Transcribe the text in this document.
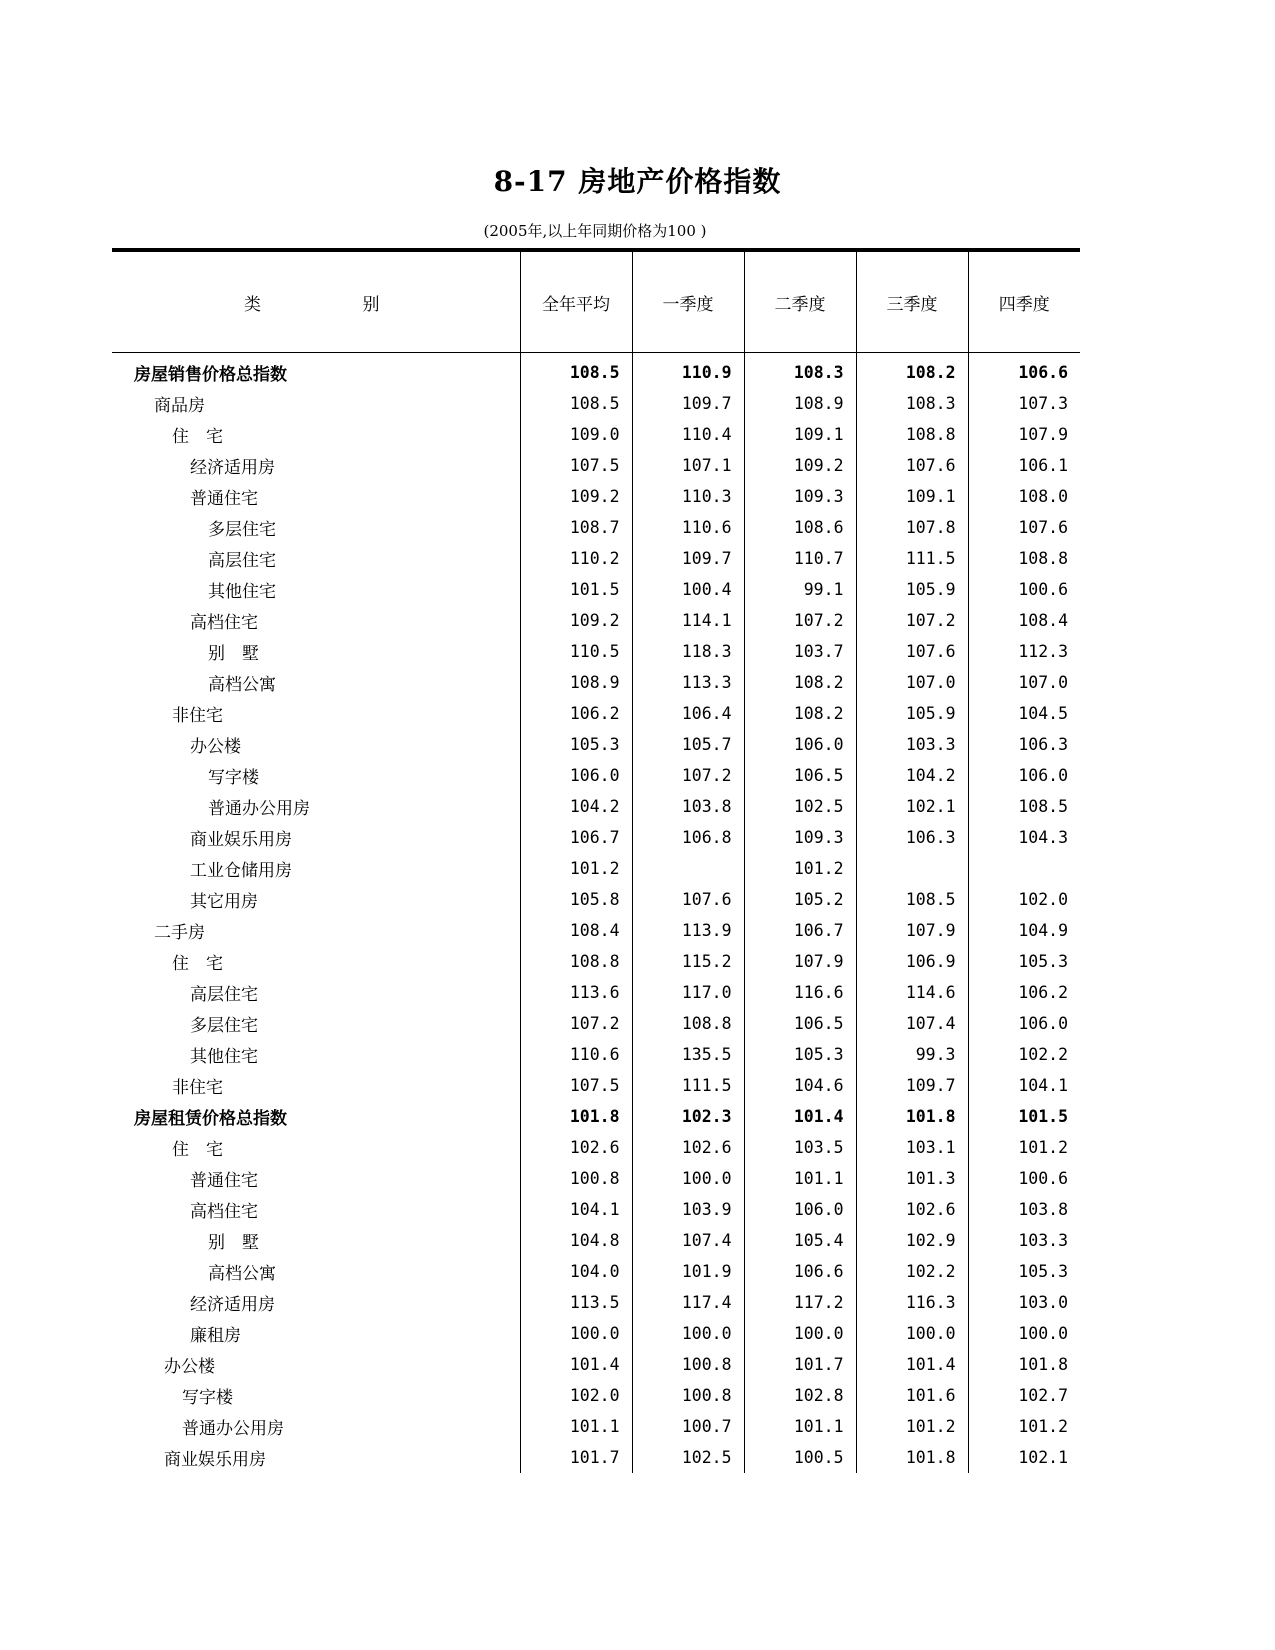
8-17 房地产价格指数
(2005年,以上年同期价格为100 )
类 别	全年平均	一季度	二季度	三季度	四季度
房屋销售价格总指数	108.5	110.9	108.3	108.2	106.6
商品房	108.5	109.7	108.9	108.3	107.3
住　宅	109.0	110.4	109.1	108.8	107.9
经济适用房	107.5	107.1	109.2	107.6	106.1
普通住宅	109.2	110.3	109.3	109.1	108.0
多层住宅	108.7	110.6	108.6	107.8	107.6
高层住宅	110.2	109.7	110.7	111.5	108.8
其他住宅	101.5	100.4	99.1	105.9	100.6
高档住宅	109.2	114.1	107.2	107.2	108.4
别　墅	110.5	118.3	103.7	107.6	112.3
高档公寓	108.9	113.3	108.2	107.0	107.0
非住宅	106.2	106.4	108.2	105.9	104.5
办公楼	105.3	105.7	106.0	103.3	106.3
写字楼	106.0	107.2	106.5	104.2	106.0
普通办公用房	104.2	103.8	102.5	102.1	108.5
商业娱乐用房	106.7	106.8	109.3	106.3	104.3
工业仓储用房	101.2		101.2		
其它用房	105.8	107.6	105.2	108.5	102.0
二手房	108.4	113.9	106.7	107.9	104.9
住　宅	108.8	115.2	107.9	106.9	105.3
高层住宅	113.6	117.0	116.6	114.6	106.2
多层住宅	107.2	108.8	106.5	107.4	106.0
其他住宅	110.6	135.5	105.3	99.3	102.2
非住宅	107.5	111.5	104.6	109.7	104.1
房屋租赁价格总指数	101.8	102.3	101.4	101.8	101.5
住　宅	102.6	102.6	103.5	103.1	101.2
普通住宅	100.8	100.0	101.1	101.3	100.6
高档住宅	104.1	103.9	106.0	102.6	103.8
别　墅	104.8	107.4	105.4	102.9	103.3
高档公寓	104.0	101.9	106.6	102.2	105.3
经济适用房	113.5	117.4	117.2	116.3	103.0
廉租房	100.0	100.0	100.0	100.0	100.0
办公楼	101.4	100.8	101.7	101.4	101.8
写字楼	102.0	100.8	102.8	101.6	102.7
普通办公用房	101.1	100.7	101.1	101.2	101.2
商业娱乐用房	101.7	102.5	100.5	101.8	102.1
